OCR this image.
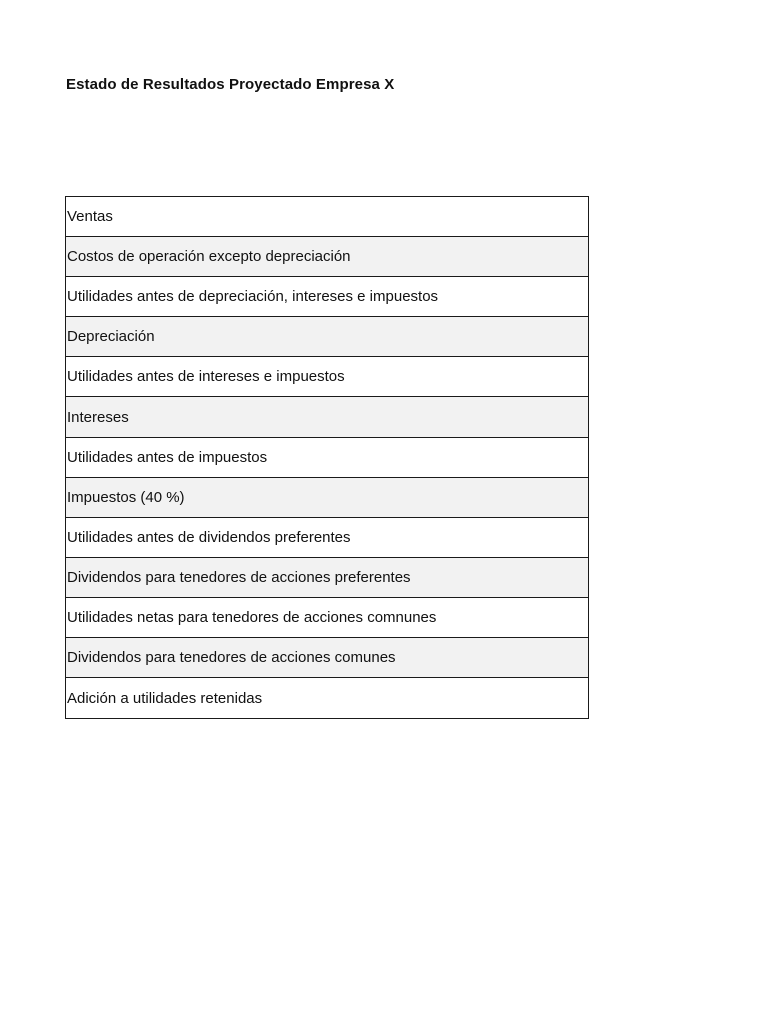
Estado de Resultados Proyectado Empresa X
Ventas
Costos de operación excepto depreciación
Utilidades antes de depreciación, intereses e impuestos
Depreciación
Utilidades antes de intereses e impuestos
Intereses
Utilidades antes de impuestos
Impuestos (40 %)
Utilidades antes de dividendos preferentes
Dividendos para tenedores de acciones preferentes
Utilidades netas para tenedores de acciones comnunes
Dividendos para tenedores de acciones comunes
Adición a utilidades retenidas
